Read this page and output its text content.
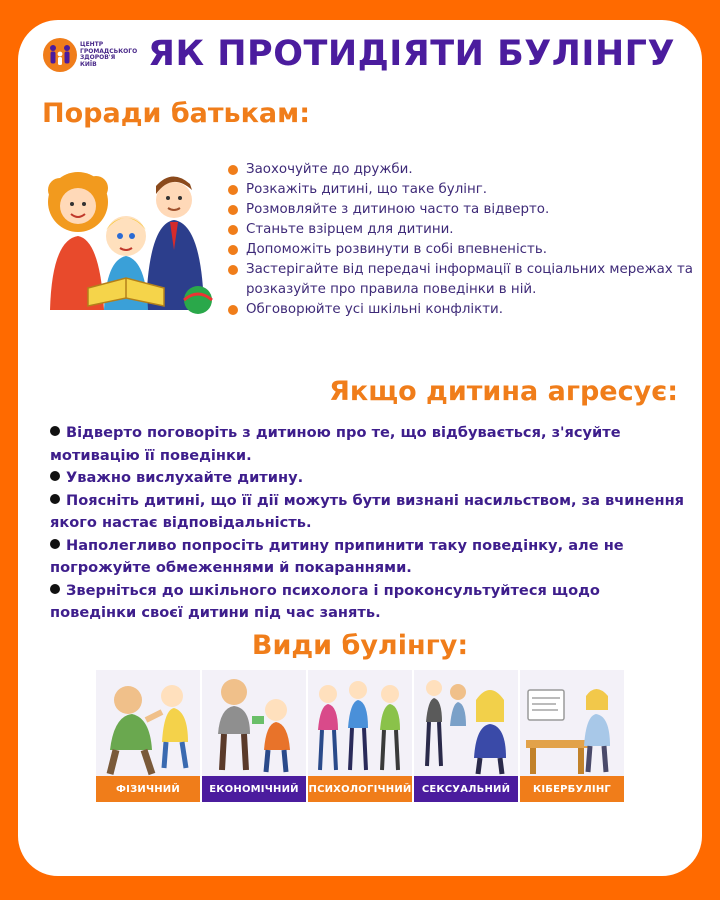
ЦЕНТР
ГРОМАДСЬКОГО
ЗДОРОВ'Я
КИЇВ	ЯК ПРОТИДІЯТИ БУЛІНГУ
Поради батькам:
Заохочуйте до дружби.
Розкажіть дитині, що таке булінг.
Розмовляйте з дитиною часто та відверто.
Станьте взірцем для дитини.
Допоможіть розвинути в собі впевненість.
Застерігайте від передачі інформації в соціальних мережах та розказуйте про правила поведінки в ній.
Обговорюйте усі шкільні конфлікти.
Якщо дитина агресує:
Відверто поговоріть з дитиною про те, що відбувається, з'ясуйте мотивацію її поведінки.
Уважно вислухайте дитину.
Поясніть дитині, що її дії можуть бути визнані насильством, за вчинення якого настає відповідальність.
Наполегливо попросіть дитину припинити таку поведінку, але не погрожуйте обмеженнями й покараннями.
Зверніться до шкільного психолога і проконсультуйтеся щодо поведінки своєї дитини під час занять.
Види булінгу:
ФІЗИЧНИЙ	ЕКОНОМІЧНИЙ ПСИХОЛОГІЧНИЙ	СЕКСУАЛЬНИЙ	КІБЕРБУЛІНГ
